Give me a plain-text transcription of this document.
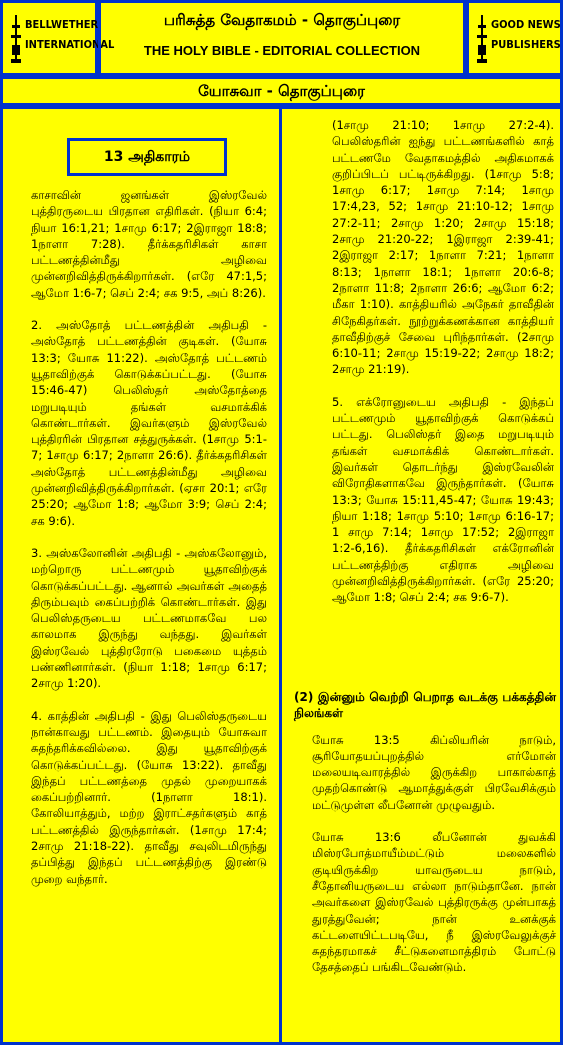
BELLWETHER
INTERNATIONAL
பரிசுத்த வேதாகமம் - தொகுப்புரை
THE HOLY BIBLE - EDITORIAL COLLECTION
GOOD NEWS
PUBLISHERS
யோசுவா - தொகுப்புரை
13 அதிகாரம்

காசாவின் ஜனங்கள் இஸ்ரவேல் புத்திரருடைய பிரதான எதிரிகள். (நியா 6:4; நியா 16:1,21; 1சாமு 6:17; 2இராஜா 18:8; 1நாளா 7:28). தீர்க்கதரிசிகள் காசா பட்டணத்தின்மீது அழிவை முன்னறிவித்திருக்கிறார்கள். (எரே 47:1,5; ஆமோ 1:6-7; செப் 2:4; சக 9:5, அப் 8:26).

2. அஸ்தோத் பட்டணத்தின் அதிபதி - அஸ்தோத் பட்டணத்தின் குடிகள். (யோசு 13:3; யோசு 11:22). அஸ்தோத் பட்டணம் யூதாவிற்குக் கொடுக்கப்பட்டது. (யோசு 15:46-47) பெலிஸ்தர் அஸ்தோத்தை மறுபடியும் தங்கள் வசமாக்கிக் கொண்டார்கள். இவர்களும் இஸ்ரவேல் புத்திரரின் பிரதான சத்துருக்கள். (1சாமு 5:1-7; 1சாமு 6:17; 2நாளா 26:6). தீர்க்கதரிசிகள் அஸ்தோத் பட்டணத்தின்மீது அழிவை முன்னறிவித்திருக்கிறார்கள். (ஏசா 20:1; எரே 25:20; ஆமோ 1:8; ஆமோ 3:9; செப் 2:4; சக 9:6).

3. அஸ்கலோனின் அதிபதி - அஸ்கலோனும், மற்றொரு பட்டணமும் யூதாவிற்குக் கொடுக்கப்பட்டது. ஆனால் அவர்கள் அதைத் திரும்பவும் கைப்பற்றிக் கொண்டார்கள். இது பெலிஸ்தருடைய பட்டணமாகவே பல காலமாக இருந்து வந்தது. இவர்கள் இஸ்ரவேல் புத்திரரோடு பகைமை யுத்தம் பண்ணினார்கள். (நியா 1:18; 1சாமு 6:17; 2சாமு 1:20).

4. காத்தின் அதிபதி - இது பெலிஸ்தருடைய நான்காவது பட்டணம். இதையும் யோசுவா சுதந்தரிக்கவில்லை. இது யூதாவிற்குக் கொடுக்கப்பட்டது. (யோசு 13:22). தாவீது இந்தப் பட்டணத்தை முதல் முறையாகக் கைப்பற்றினார். (1நாளா 18:1). கோலியாத்தும், மற்ற இராட்சதர்களும் காத் பட்டணத்தில் இருந்தார்கள். (1சாமு 17:4; 2சாமு 21:18-22). தாவீது சவுலிடமிருந்து தப்பித்து இந்தப் பட்டணத்திற்கு இரண்டு முறை வந்தார்.

(1சாமு 21:10; 1சாமு 27:2-4). பெலிஸ்தரின் ஐந்து பட்டணங்களில் காத் பட்டணமே வேதாகமத்தில் அதிகமாகக் குறிப்பிடப் பட்டிருக்கிறது. (1சாமு 5:8; 1சாமு 6:17; 1சாமு 7:14; 1சாமு 17:4,23, 52; 1சாமு 21:10-12; 1சாமு 27:2-11; 2சாமு 1:20; 2சாமு 15:18; 2சாமு 21:20-22; 1இராஜா 2:39-41; 2இராஜா 2:17; 1நாளா 7:21; 1நாளா 8:13; 1நாளா 18:1; 1நாளா 20:6-8; 2நாளா 11:8; 2நாளா 26:6; ஆமோ 6:2; மீகா 1:10). காத்தியரில் அநேகர் தாவீதின் சிநேகிதர்கள். நூற்றுக்கணக்கான காத்தியர் தாவீதிற்குச் சேவை புரிந்தார்கள். (2சாமு 6:10-11; 2சாமு 15:19-22; 2சாமு 18:2; 2சாமு 21:19).

5. எக்ரோனுடைய அதிபதி - இந்தப் பட்டணமும் யூதாவிற்குக் கொடுக்கப் பட்டது. பெலிஸ்தர் இதை மறுபடியும் தங்கள் வசமாக்கிக் கொண்டார்கள். இவர்கள் தொடர்ந்து இஸ்ரவேலின் விரோதிகளாகவே இருந்தார்கள். (யோசு 13:3; யோசு 15:11,45-47; யோசு 19:43; நியா 1:18; 1சாமு 5:10; 1சாமு 6:16-17; 1 சாமு 7:14; 1சாமு 17:52; 2இராஜா 1:2-6,16). தீர்க்கதரிசிகள் எக்ரோனின் பட்டணத்திற்கு எதிராக அழிவை முன்னறிவித்திருக்கிறார்கள். (எரே 25:20; ஆமோ 1:8; செப் 2:4; சக 9:6-7).

(2) இன்னும் வெற்றி பெறாத வடக்கு பக்கத்தின் நிலங்கள்

யோசு 13:5 கிப்லியரின் நாடும், சூரியோதயப்புறத்தில் எர்மோன் மலையடிவாரத்தில் இருக்கிற பாகால்காத் முதற்கொண்டு ஆமாத்துக்குள் பிரவேசிக்கும் மட்டுமுள்ள லீபனோன் முழுவதும்.

யோசு 13:6 லீபனோன் துவக்கி மிஸ்ரபோத்மாயீம்மட்டும் மலைகளில் குடியிருக்கிற யாவருடைய நாடும், சீதோனியருடைய எல்லா நாடும்தானே. நான் அவர்களை இஸ்ரவேல் புத்திரருக்கு முன்பாகத் துரத்துவேன்; நான் உனக்குக் கட்டளையிட்டபடியே, நீ இஸ்ரவேலுக்குச் சுதந்தரமாகச் சீட்டுகளைமாத்திரம் போட்டு தேசத்தைப் பங்கிடவேண்டும்.
